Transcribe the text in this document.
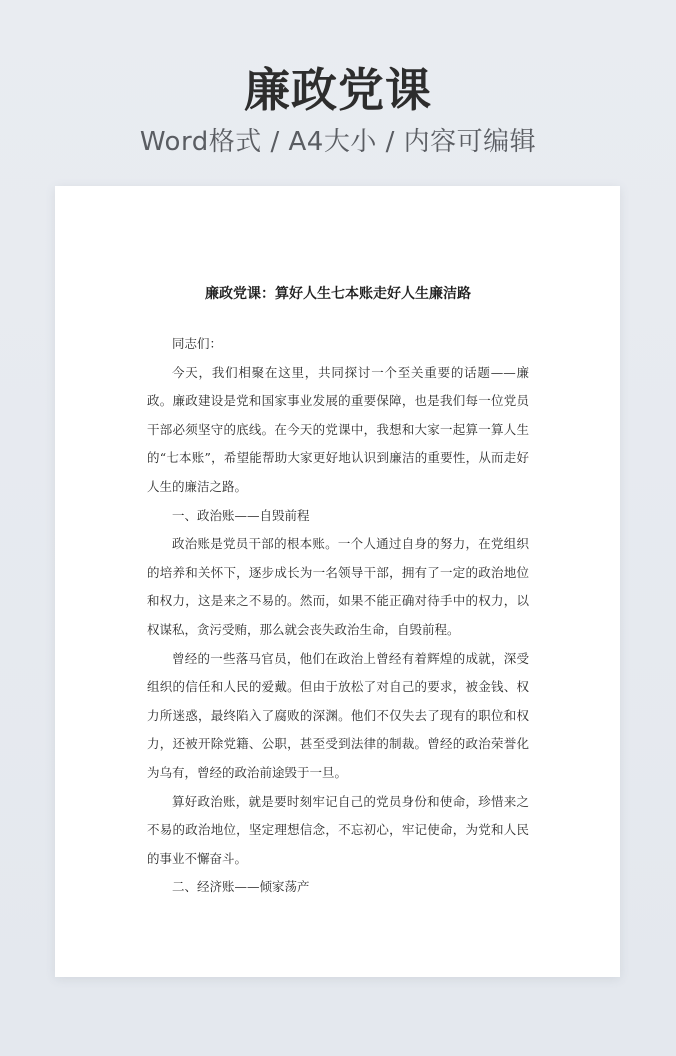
廉政党课
Word格式 / A4大小 / 内容可编辑
廉政党课：算好人生七本账走好人生廉洁路

同志们：

今天，我们相聚在这里，共同探讨一个至关重要的话题——廉政。廉政建设是党和国家事业发展的重要保障，也是我们每一位党员干部必须坚守的底线。在今天的党课中，我想和大家一起算一算人生的“七本账”，希望能帮助大家更好地认识到廉洁的重要性，从而走好人生的廉洁之路。

一、政治账——自毁前程

政治账是党员干部的根本账。一个人通过自身的努力，在党组织的培养和关怀下，逐步成长为一名领导干部，拥有了一定的政治地位和权力，这是来之不易的。然而，如果不能正确对待手中的权力，以权谋私，贪污受贿，那么就会丧失政治生命，自毁前程。

曾经的一些落马官员，他们在政治上曾经有着辉煌的成就，深受组织的信任和人民的爱戴。但由于放松了对自己的要求，被金钱、权力所迷惑，最终陷入了腐败的深渊。他们不仅失去了现有的职位和权力，还被开除党籍、公职，甚至受到法律的制裁。曾经的政治荣誉化为乌有，曾经的政治前途毁于一旦。

算好政治账，就是要时刻牢记自己的党员身份和使命，珍惜来之不易的政治地位，坚定理想信念，不忘初心，牢记使命，为党和人民的事业不懈奋斗。

二、经济账——倾家荡产
